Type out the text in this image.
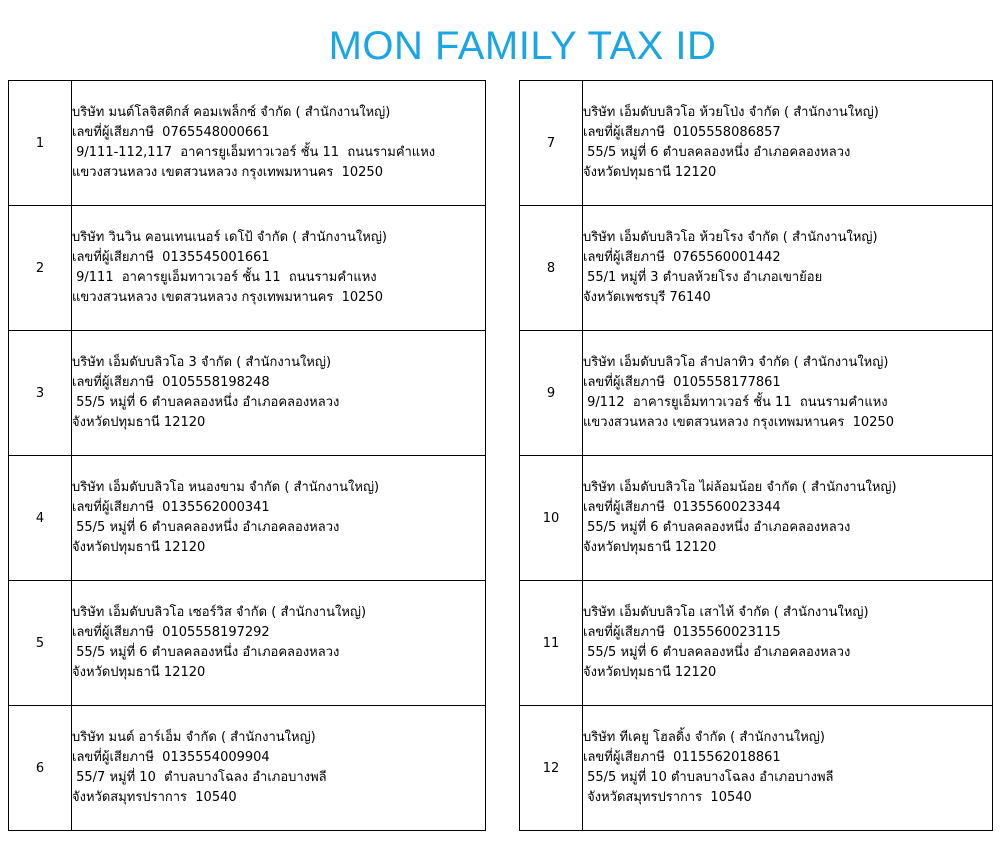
MON FAMILY TAX ID
1	บริษัท มนต์โลจิสติกส์ คอมเพล็กซ์ จำกัด ( สำนักงานใหญ่)
เลขที่ผู้เสียภาษี  0765548000661
9/111-112,117  อาคารยูเอ็มทาวเวอร์ ชั้น 11  ถนนรามคำแหง
แขวงสวนหลวง เขตสวนหลวง กรุงเทพมหานคร  10250

2	บริษัท วินวิน คอนเทนเนอร์ เดโป้ จำกัด ( สำนักงานใหญ่)
เลขที่ผู้เสียภาษี  0135545001661
9/111  อาคารยูเอ็มทาวเวอร์ ชั้น 11  ถนนรามคำแหง
แขวงสวนหลวง เขตสวนหลวง กรุงเทพมหานคร  10250

3	บริษัท เอ็มดับบลิวโอ 3 จำกัด ( สำนักงานใหญ่)
เลขที่ผู้เสียภาษี  0105558198248
55/5 หมู่ที่ 6 ตำบลคลองหนึ่ง อำเภอคลองหลวง
จังหวัดปทุมธานี 12120

4	บริษัท เอ็มดับบลิวโอ หนองขาม จำกัด ( สำนักงานใหญ่)
เลขที่ผู้เสียภาษี  0135562000341
55/5 หมู่ที่ 6 ตำบลคลองหนึ่ง อำเภอคลองหลวง
จังหวัดปทุมธานี 12120

5	บริษัท เอ็มดับบลิวโอ เซอร์วิส จำกัด ( สำนักงานใหญ่)
เลขที่ผู้เสียภาษี  0105558197292
55/5 หมู่ที่ 6 ตำบลคลองหนึ่ง อำเภอคลองหลวง
จังหวัดปทุมธานี 12120

6	บริษัท มนต์ อาร์เอ็ม จำกัด ( สำนักงานใหญ่)
เลขที่ผู้เสียภาษี  0135554009904
55/7 หมู่ที่ 10  ตำบลบางโฉลง อำเภอบางพลี
จังหวัดสมุทรปราการ  10540
7	บริษัท เอ็มดับบลิวโอ ห้วยโป่ง จำกัด ( สำนักงานใหญ่)
เลขที่ผู้เสียภาษี  0105558086857
55/5 หมู่ที่ 6 ตำบลคลองหนึ่ง อำเภอคลองหลวง
จังหวัดปทุมธานี 12120

8	บริษัท เอ็มดับบลิวโอ ห้วยโรง จำกัด ( สำนักงานใหญ่)
เลขที่ผู้เสียภาษี  0765560001442
55/1 หมู่ที่ 3 ตำบลห้วยโรง อำเภอเขาย้อย
จังหวัดเพชรบุรี 76140

9	บริษัท เอ็มดับบลิวโอ ลำปลาทิว จำกัด ( สำนักงานใหญ่)
เลขที่ผู้เสียภาษี  0105558177861
9/112  อาคารยูเอ็มทาวเวอร์ ชั้น 11  ถนนรามคำแหง
แขวงสวนหลวง เขตสวนหลวง กรุงเทพมหานคร  10250

10	บริษัท เอ็มดับบลิวโอ ไผ่ล้อมน้อย จำกัด ( สำนักงานใหญ่)
เลขที่ผู้เสียภาษี  0135560023344
55/5 หมู่ที่ 6 ตำบลคลองหนึ่ง อำเภอคลองหลวง
จังหวัดปทุมธานี 12120

11	บริษัท เอ็มดับบลิวโอ เสาไห้ จำกัด ( สำนักงานใหญ่)
เลขที่ผู้เสียภาษี  0135560023115
55/5 หมู่ที่ 6 ตำบลคลองหนึ่ง อำเภอคลองหลวง
จังหวัดปทุมธานี 12120

12	บริษัท ทีเคยู โฮลดิ้ง จำกัด ( สำนักงานใหญ่)
เลขที่ผู้เสียภาษี  0115562018861
55/5 หมู่ที่ 10 ตำบลบางโฉลง อำเภอบางพลี
จังหวัดสมุทรปราการ  10540
